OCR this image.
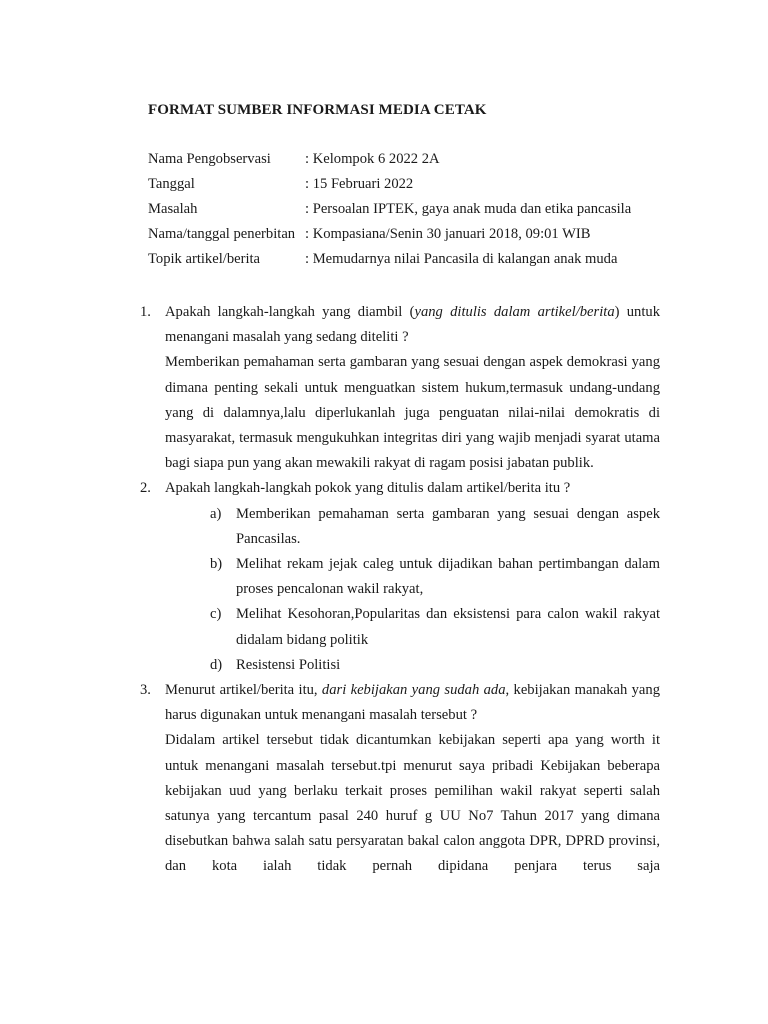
FORMAT SUMBER INFORMASI MEDIA CETAK
Nama Pengobservasi	: Kelompok 6 2022 2A
Tanggal	: 15 Februari 2022
Masalah	: Persoalan IPTEK, gaya anak muda dan etika pancasila
Nama/tanggal penerbitan : Kompasiana/Senin 30 januari 2018, 09:01 WIB
Topik artikel/berita	: Memudarnya nilai Pancasila di kalangan anak muda
1. Apakah langkah-langkah yang diambil (yang ditulis dalam artikel/berita) untuk menangani masalah yang sedang diteliti ?

Memberikan pemahaman serta gambaran yang sesuai dengan aspek demokrasi yang dimana penting sekali untuk menguatkan sistem hukum,termasuk undang-undang yang di dalamnya,lalu diperlukanlah juga penguatan nilai-nilai demokratis di masyarakat, termasuk mengukuhkan integritas diri yang wajib menjadi syarat utama bagi siapa pun yang akan mewakili rakyat di ragam posisi jabatan publik.

2. Apakah langkah-langkah pokok yang ditulis dalam artikel/berita itu ?

a) Memberikan pemahaman serta gambaran yang sesuai dengan aspek Pancasilas.

b) Melihat rekam jejak caleg untuk dijadikan bahan pertimbangan dalam proses pencalonan wakil rakyat,

c) Melihat Kesohoran,Popularitas dan eksistensi para calon wakil rakyat didalam bidang politik

d) Resistensi Politisi

3. Menurut artikel/berita itu, dari kebijakan yang sudah ada, kebijakan manakah yang harus digunakan untuk menangani masalah tersebut ?

Didalam artikel tersebut tidak dicantumkan kebijakan seperti apa yang worth it untuk menangani masalah tersebut.tpi menurut saya pribadi Kebijakan beberapa kebijakan uud yang berlaku terkait proses pemilihan wakil rakyat seperti salah satunya yang tercantum pasal 240 huruf g UU No7 Tahun 2017 yang dimana disebutkan bahwa salah satu persyaratan bakal calon anggota DPR, DPRD provinsi, dan kota ialah tidak pernah dipidana penjara terus saja
